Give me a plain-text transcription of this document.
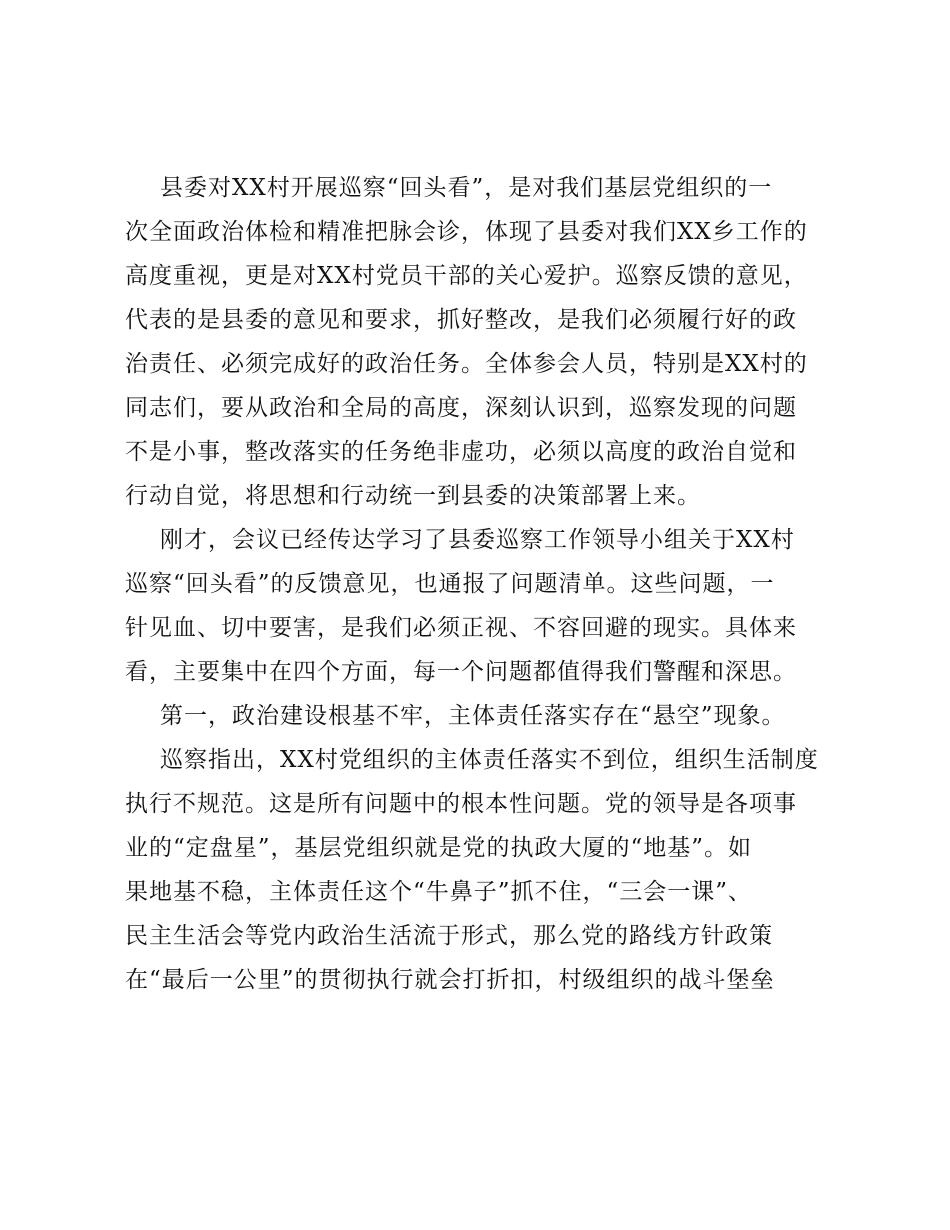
县委对XX村开展巡察“回头看”，是对我们基层党组织的一
次全面政治体检和精准把脉会诊，体现了县委对我们XX乡工作的
高度重视，更是对XX村党员干部的关心爱护。巡察反馈的意见，
代表的是县委的意见和要求，抓好整改，是我们必须履行好的政
治责任、必须完成好的政治任务。全体参会人员，特别是XX村的
同志们，要从政治和全局的高度，深刻认识到，巡察发现的问题
不是小事，整改落实的任务绝非虚功，必须以高度的政治自觉和
行动自觉，将思想和行动统一到县委的决策部署上来。
刚才，会议已经传达学习了县委巡察工作领导小组关于XX村
巡察“回头看”的反馈意见，也通报了问题清单。这些问题，一
针见血、切中要害，是我们必须正视、不容回避的现实。具体来
看，主要集中在四个方面，每一个问题都值得我们警醒和深思。
第一，政治建设根基不牢，主体责任落实存在“悬空”现象。
巡察指出，XX村党组织的主体责任落实不到位，组织生活制度
执行不规范。这是所有问题中的根本性问题。党的领导是各项事
业的“定盘星”，基层党组织就是党的执政大厦的“地基”。如
果地基不稳，主体责任这个“牛鼻子”抓不住，“三会一课”、
民主生活会等党内政治生活流于形式，那么党的路线方针政策
在“最后一公里”的贯彻执行就会打折扣，村级组织的战斗堡垒
